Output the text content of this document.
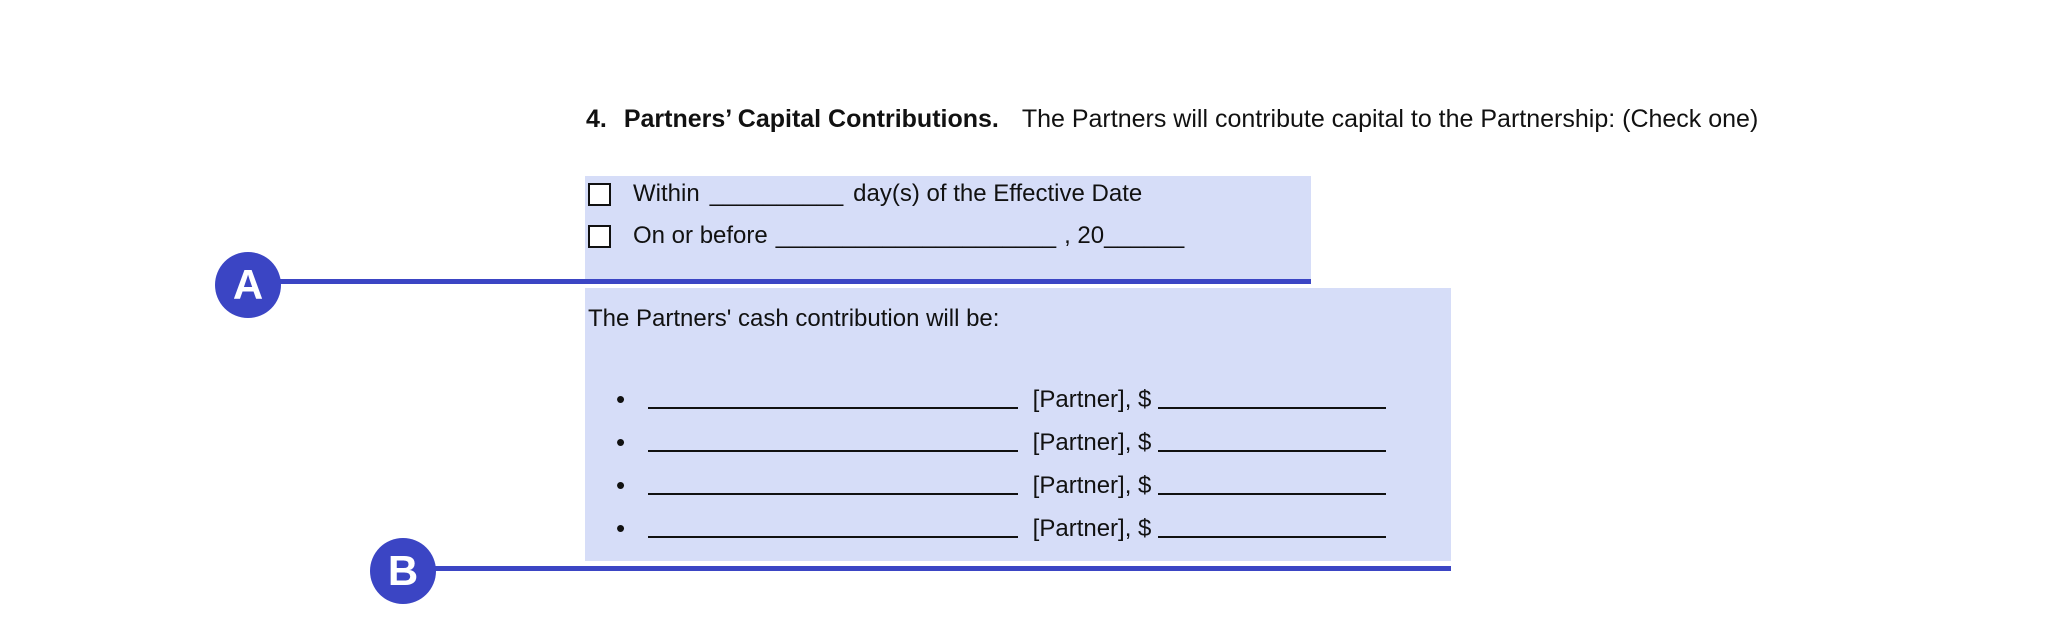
4. Partners’ Capital Contributions. The Partners will contribute capital to the Partnership: (Check one)
Within __________ day(s) of the Effective Date
On or before _____________________ , 20______
The Partners' cash contribution will be:
•	[Partner], $
•	[Partner], $
•	[Partner], $
•	[Partner], $
A
B
